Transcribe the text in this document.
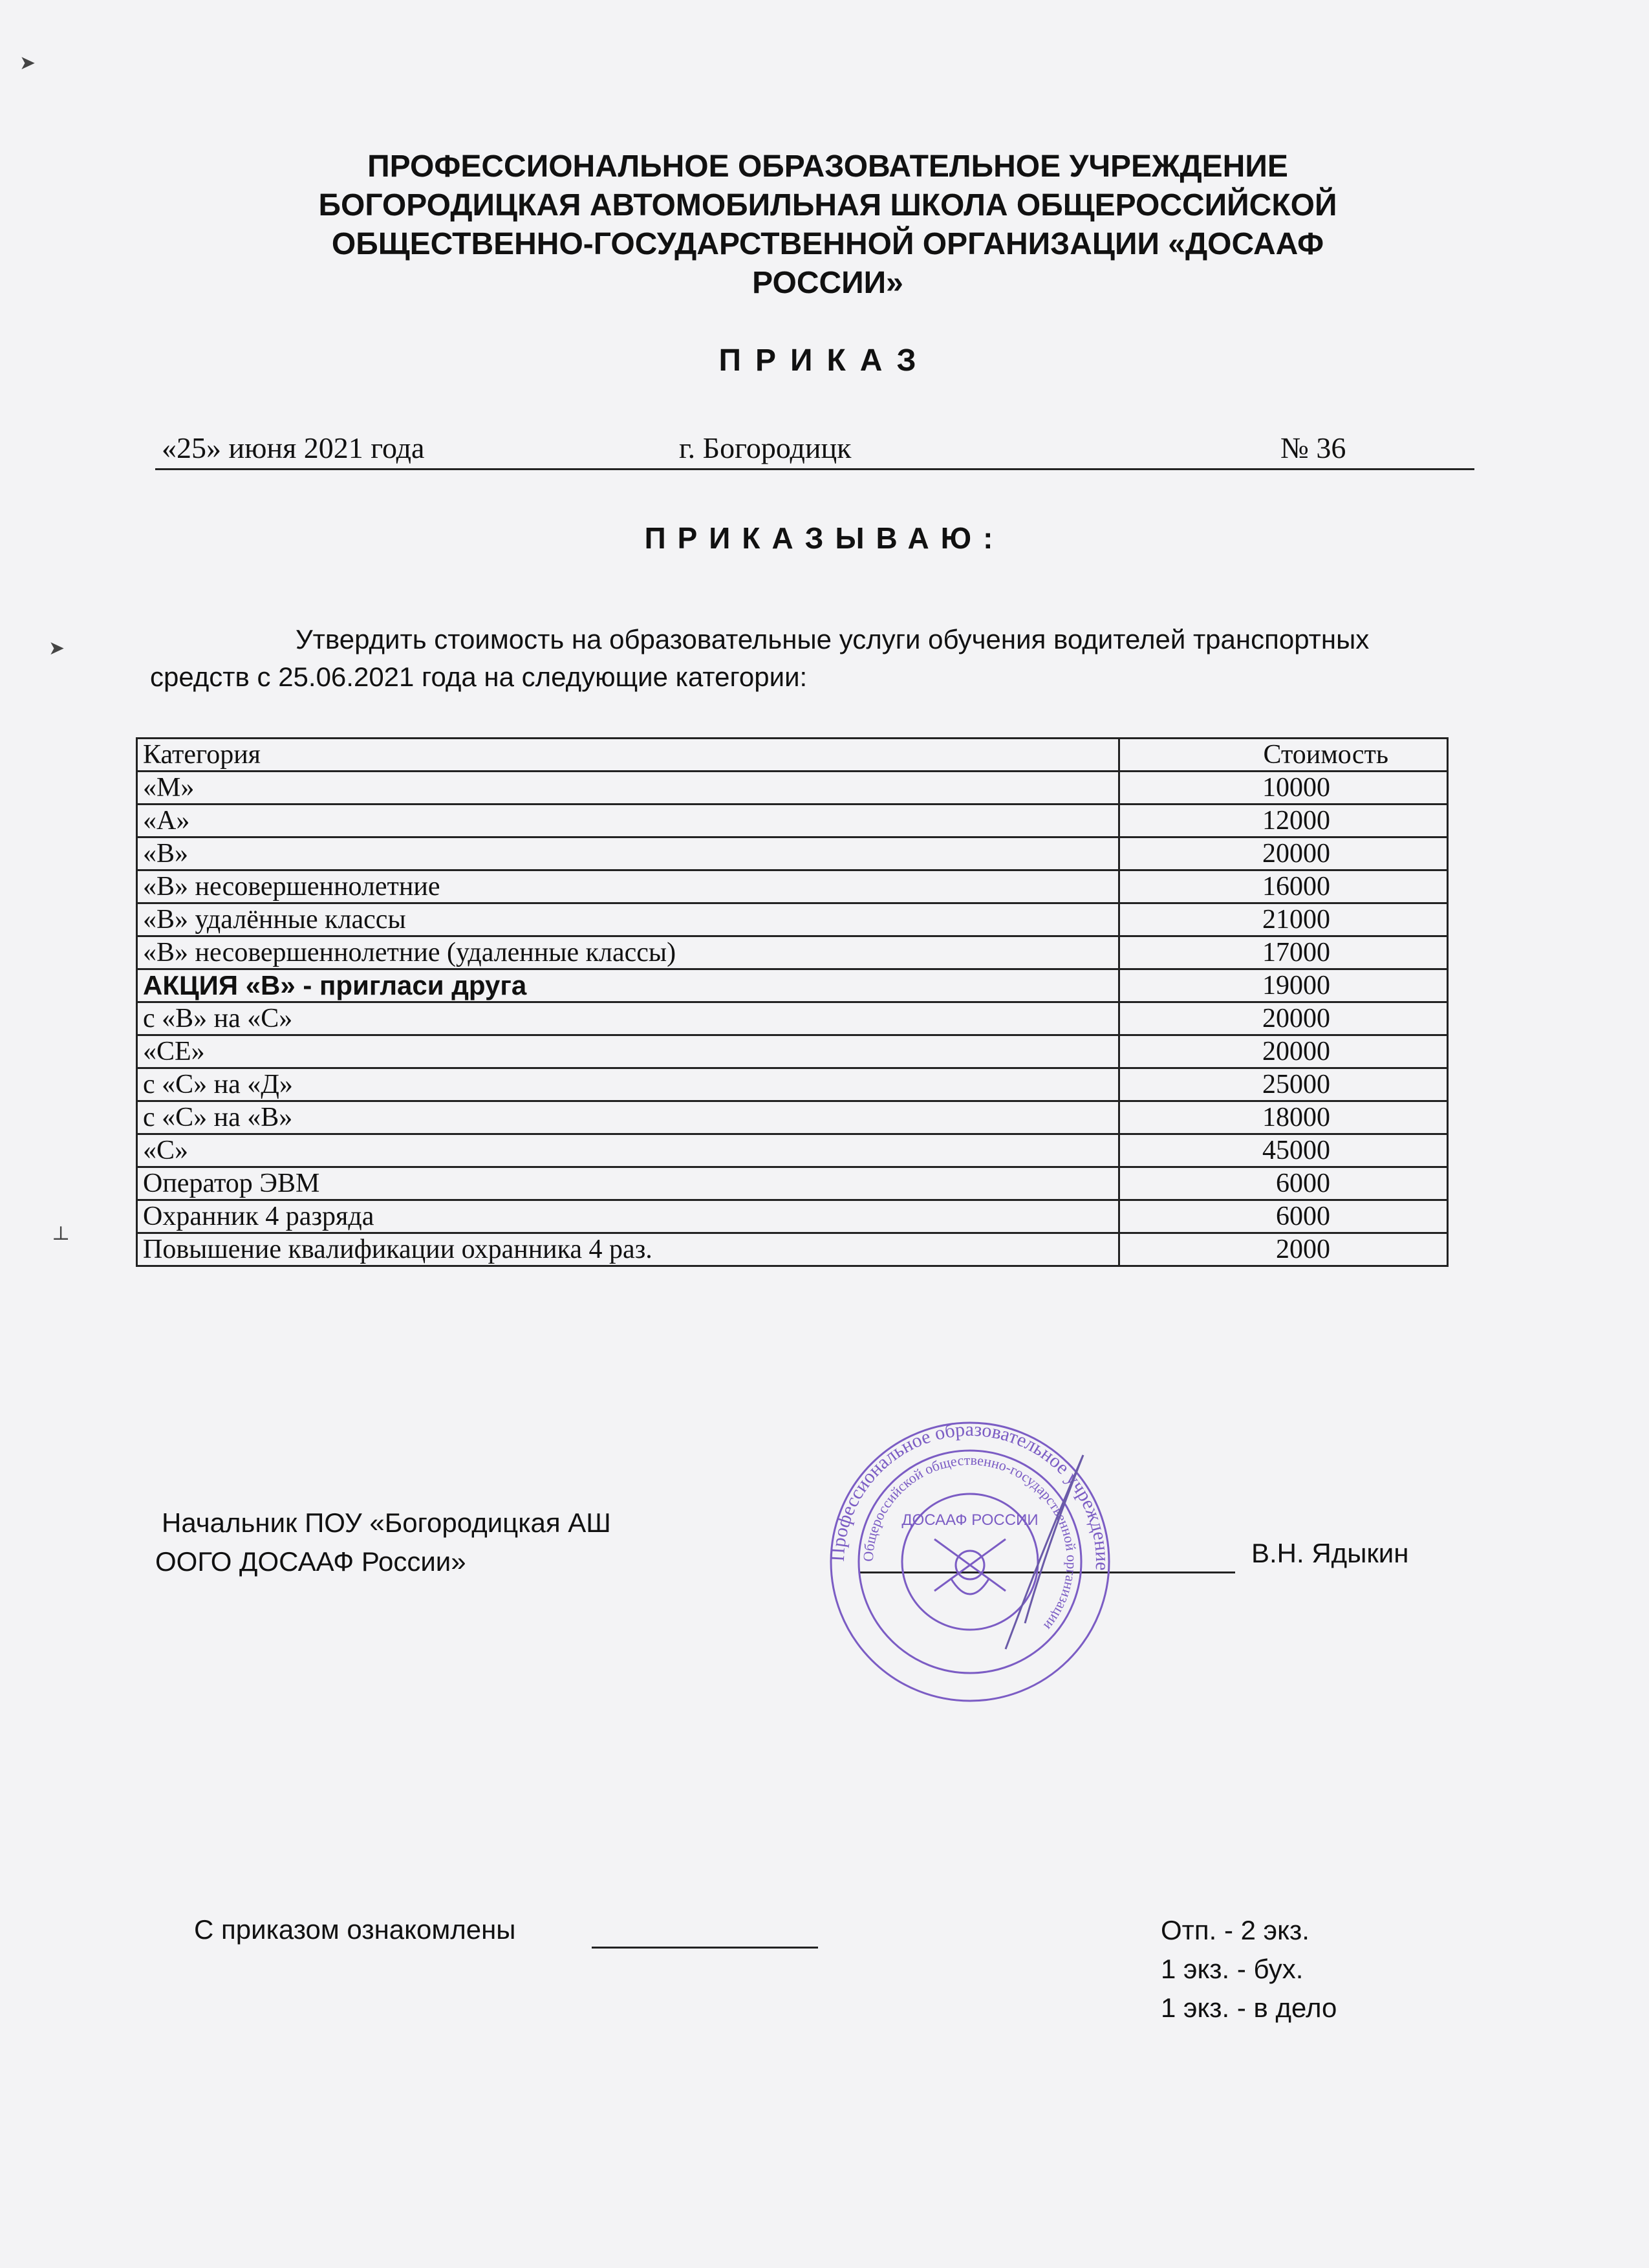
➤
➤
⊥
ПРОФЕССИОНАЛЬНОЕ ОБРАЗОВАТЕЛЬНОЕ УЧРЕЖДЕНИЕ
БОГОРОДИЦКАЯ АВТОМОБИЛЬНАЯ ШКОЛА ОБЩЕРОССИЙСКОЙ
ОБЩЕСТВЕННО-ГОСУДАРСТВЕННОЙ ОРГАНИЗАЦИИ «ДОСААФ
РОССИИ»
ПРИКАЗ
«25» июня 2021 года	г. Богородицк	№ 36
ПРИКАЗЫВАЮ:
Утвердить стоимость на образовательные услуги обучения водителей транспортных средств с 25.06.2021 года на следующие категории:
Категория	Стоимость
«М»	10000
«А»	12000
«В»	20000
«В» несовершеннолетние	16000
«В» удалённые классы	21000
«В» несовершеннолетние (удаленные классы)	17000
АКЦИЯ «В» - пригласи друга	19000
с «В» на «С»	20000
«СЕ»	20000
с «С» на «Д»	25000
с «С» на «В»	18000
«С»	45000
Оператор ЭВМ	6000
Охранник 4 разряда	6000
Повышение квалификации охранника 4 раз.	2000
Начальник ПОУ «Богородицкая АШ
ООГО ДОСААФ России»	В.Н. Ядыкин
Профессиональное образовательное учреждение
Общероссийской общественно-государственной организации
ДОСААФ РОССИИ
С приказом ознакомлены	Отп. - 2 экз.
1 экз. - бух.
1 экз. - в дело
